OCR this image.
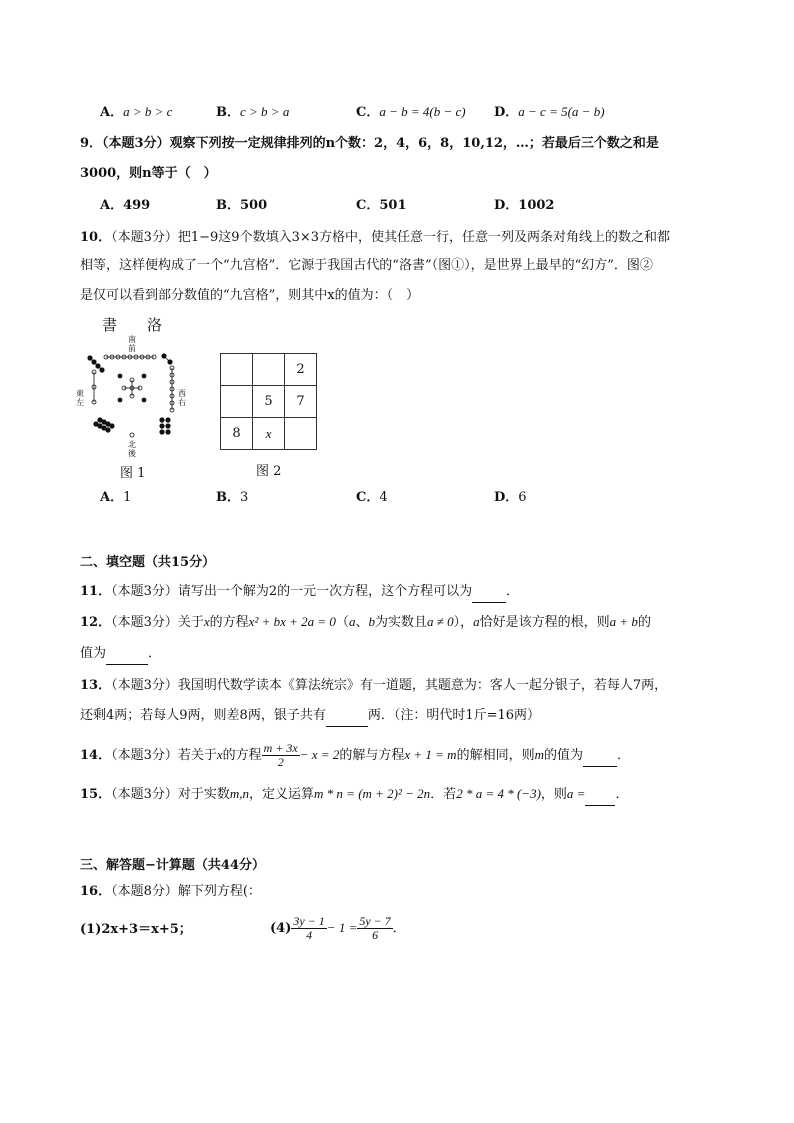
A．a > b > c	B．c > b > a	C．a − b = 4(b − c) D．a − c = 5(a − b)
9．（本题3分）观察下列按一定规律排列的n个数：2，4，6，8，10,12，…；若最后三个数之和是
3000，则n等于（　）
A．499	B．500	C．501	D．1002
10．（本题3分）把1−9这9个数填入3×3方格中，使其任意一行，任意一列及两条对角线上的数之和都
相等，这样便构成了一个“九宫格”．它源于我国古代的“洛書”（图①），是世界上最早的“幻方”．图②
是仅可以看到部分数值的“九宫格”，则其中x的值为：（　）
書　　洛
南前
東左
西右
北後
图 1
		2
	5	7
8	x	
图 2
A．1	B．3	C．4	D．6
二、填空题（共15分）
11．（本题3分）请写出一个解为2的一元一次方程，这个方程可以为	．
12．（本题3分）关于x的方程x² + bx + 2a = 0（a、b为实数且a ≠ 0），a恰好是该方程的根，则a + b的
值为	．
13．（本题3分）我国明代数学读本《算法统宗》有一道题，其题意为：客人一起分银子，若每人7两，
还剩4两；若每人9两，则差8两，银子共有	两．（注：明代时1斤=16两）
14．（本题3分）若关于x的方程 $\frac{m + 3x}{2} - x = 2$的解与方程x + 1 = m的解相同，则m的值为	．
15．（本题3分）对于实数m,n，定义运算m * n = (m + 2)² − 2n．若2 * a = 4 * (−3)，则a = ．
三、解答题−计算题（共44分）
16．（本题8分）解下列方程(：
(1)2x+3＝x+5；	$(4) \frac{3y - 1}{4} - 1 = \frac{5y - 7}{6}$ ．
